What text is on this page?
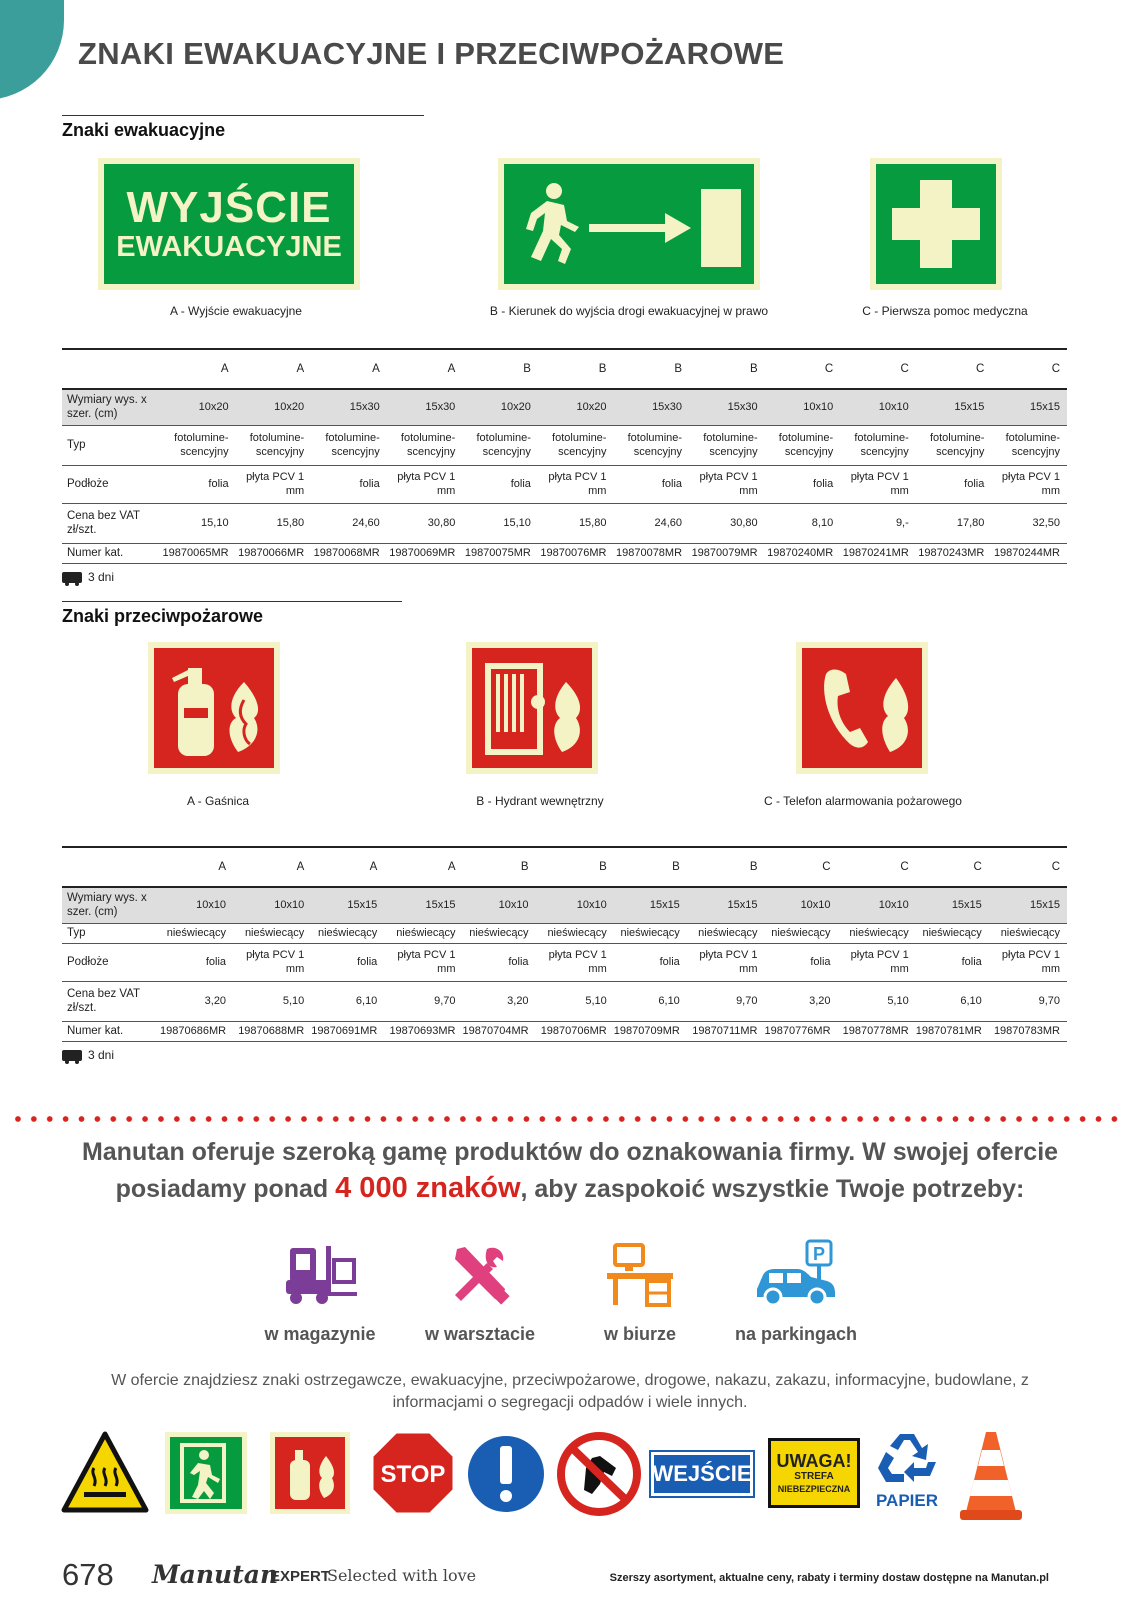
ZNAKI EWAKUACYJNE I PRZECIWPOŻAROWE
Znaki ewakuacyjne
WYJŚCIE
EWAKUACYJNE
A - Wyjście ewakuacyjne	B - Kierunek do wyjścia drogi ewakuacyjnej w prawo	C - Pierwsza pomoc medyczna
	A	A	A	A	B	B	B	B	C	C	C	C
Wymiary wys. x szer. (cm)	10x20	10x20	15x30	15x30	10x20	10x20	15x30	15x30	10x10	10x10	15x15	15x15
Typ	fotolumine-scencyjny	fotolumine-scencyjny	fotolumine-scencyjny	fotolumine-scencyjny	fotolumine-scencyjny	fotolumine-scencyjny	fotolumine-scencyjny	fotolumine-scencyjny	fotolumine-scencyjny	fotolumine-scencyjny	fotolumine-scencyjny	fotolumine-scencyjny
Podłoże	folia	płyta PCV 1 mm	folia	płyta PCV 1 mm	folia	płyta PCV 1 mm	folia	płyta PCV 1 mm	folia	płyta PCV 1 mm	folia	płyta PCV 1 mm
Cena bez VAT zł/szt.	15,10	15,80	24,60	30,80	15,10	15,80	24,60	30,80	8,10	9,-	17,80	32,50
Numer kat.	19870065MR	19870066MR	19870068MR	19870069MR	19870075MR	19870076MR	19870078MR	19870079MR	19870240MR	19870241MR	19870243MR	19870244MR
3 dni
Znaki przeciwpożarowe
A - Gaśnica	B - Hydrant wewnętrzny	C - Telefon alarmowania pożarowego
	A	A	A	A	B	B	B	B	C	C	C	C
Wymiary wys. x szer. (cm)	10x10	10x10	15x15	15x15	10x10	10x10	15x15	15x15	10x10	10x10	15x15	15x15
Typ	nieświecący	nieświecący	nieświecący	nieświecący	nieświecący	nieświecący	nieświecący	nieświecący	nieświecący	nieświecący	nieświecący	nieświecący
Podłoże	folia	płyta PCV 1 mm	folia	płyta PCV 1 mm	folia	płyta PCV 1 mm	folia	płyta PCV 1 mm	folia	płyta PCV 1 mm	folia	płyta PCV 1 mm
Cena bez VAT zł/szt.	3,20	5,10	6,10	9,70	3,20	5,10	6,10	9,70	3,20	5,10	6,10	9,70
Numer kat.	19870686MR	19870688MR	19870691MR	19870693MR	19870704MR	19870706MR	19870709MR	19870711MR	19870776MR	19870778MR	19870781MR	19870783MR
3 dni
Manutan oferuje szeroką gamę produktów do oznakowania firmy. W swojej ofercie
posiadamy ponad 4 000 znaków, aby zaspokoić wszystkie Twoje potrzeby:
w magazynie	w warsztacie	w biurze
P
na parkingach
W ofercie znajdziesz znaki ostrzegawcze, ewakuacyjne, przeciwpożarowe, drogowe, nakazu, zakazu, informacyjne, budowlane, z informacjami o segregacji odpadów i wiele innych.
STOP	WEJŚCIE UWAGA!
STREFA
NIEBEZPIECZNA
PAPIER
678 Manutan
EXPERT
Selected with love	Szerszy asortyment, aktualne ceny, rabaty i terminy dostaw dostępne na Manutan.pl
